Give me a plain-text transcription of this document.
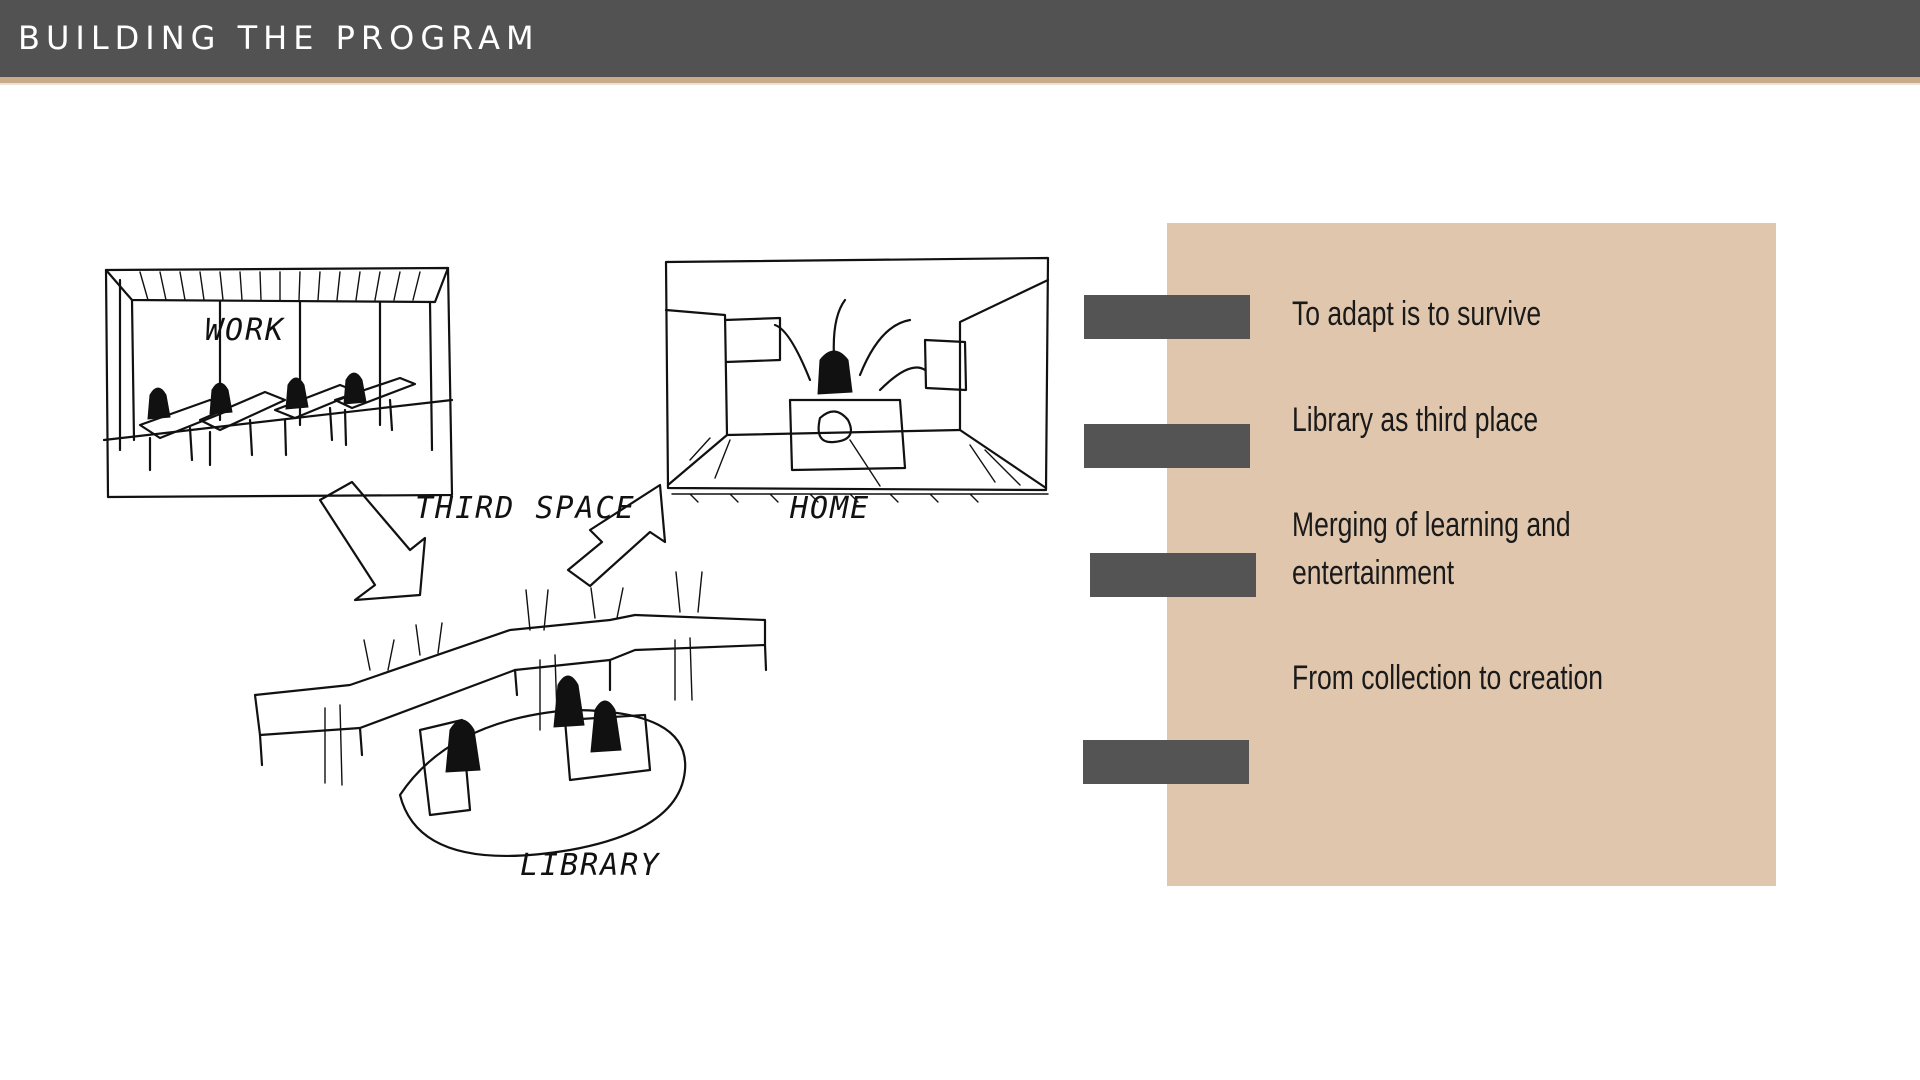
BUILDING THE PROGRAM
WORK
THIRD SPACE	HOME
LIBRARY
To adapt is to survive
Library as third place
Merging of learning and
entertainment
From collection to creation
